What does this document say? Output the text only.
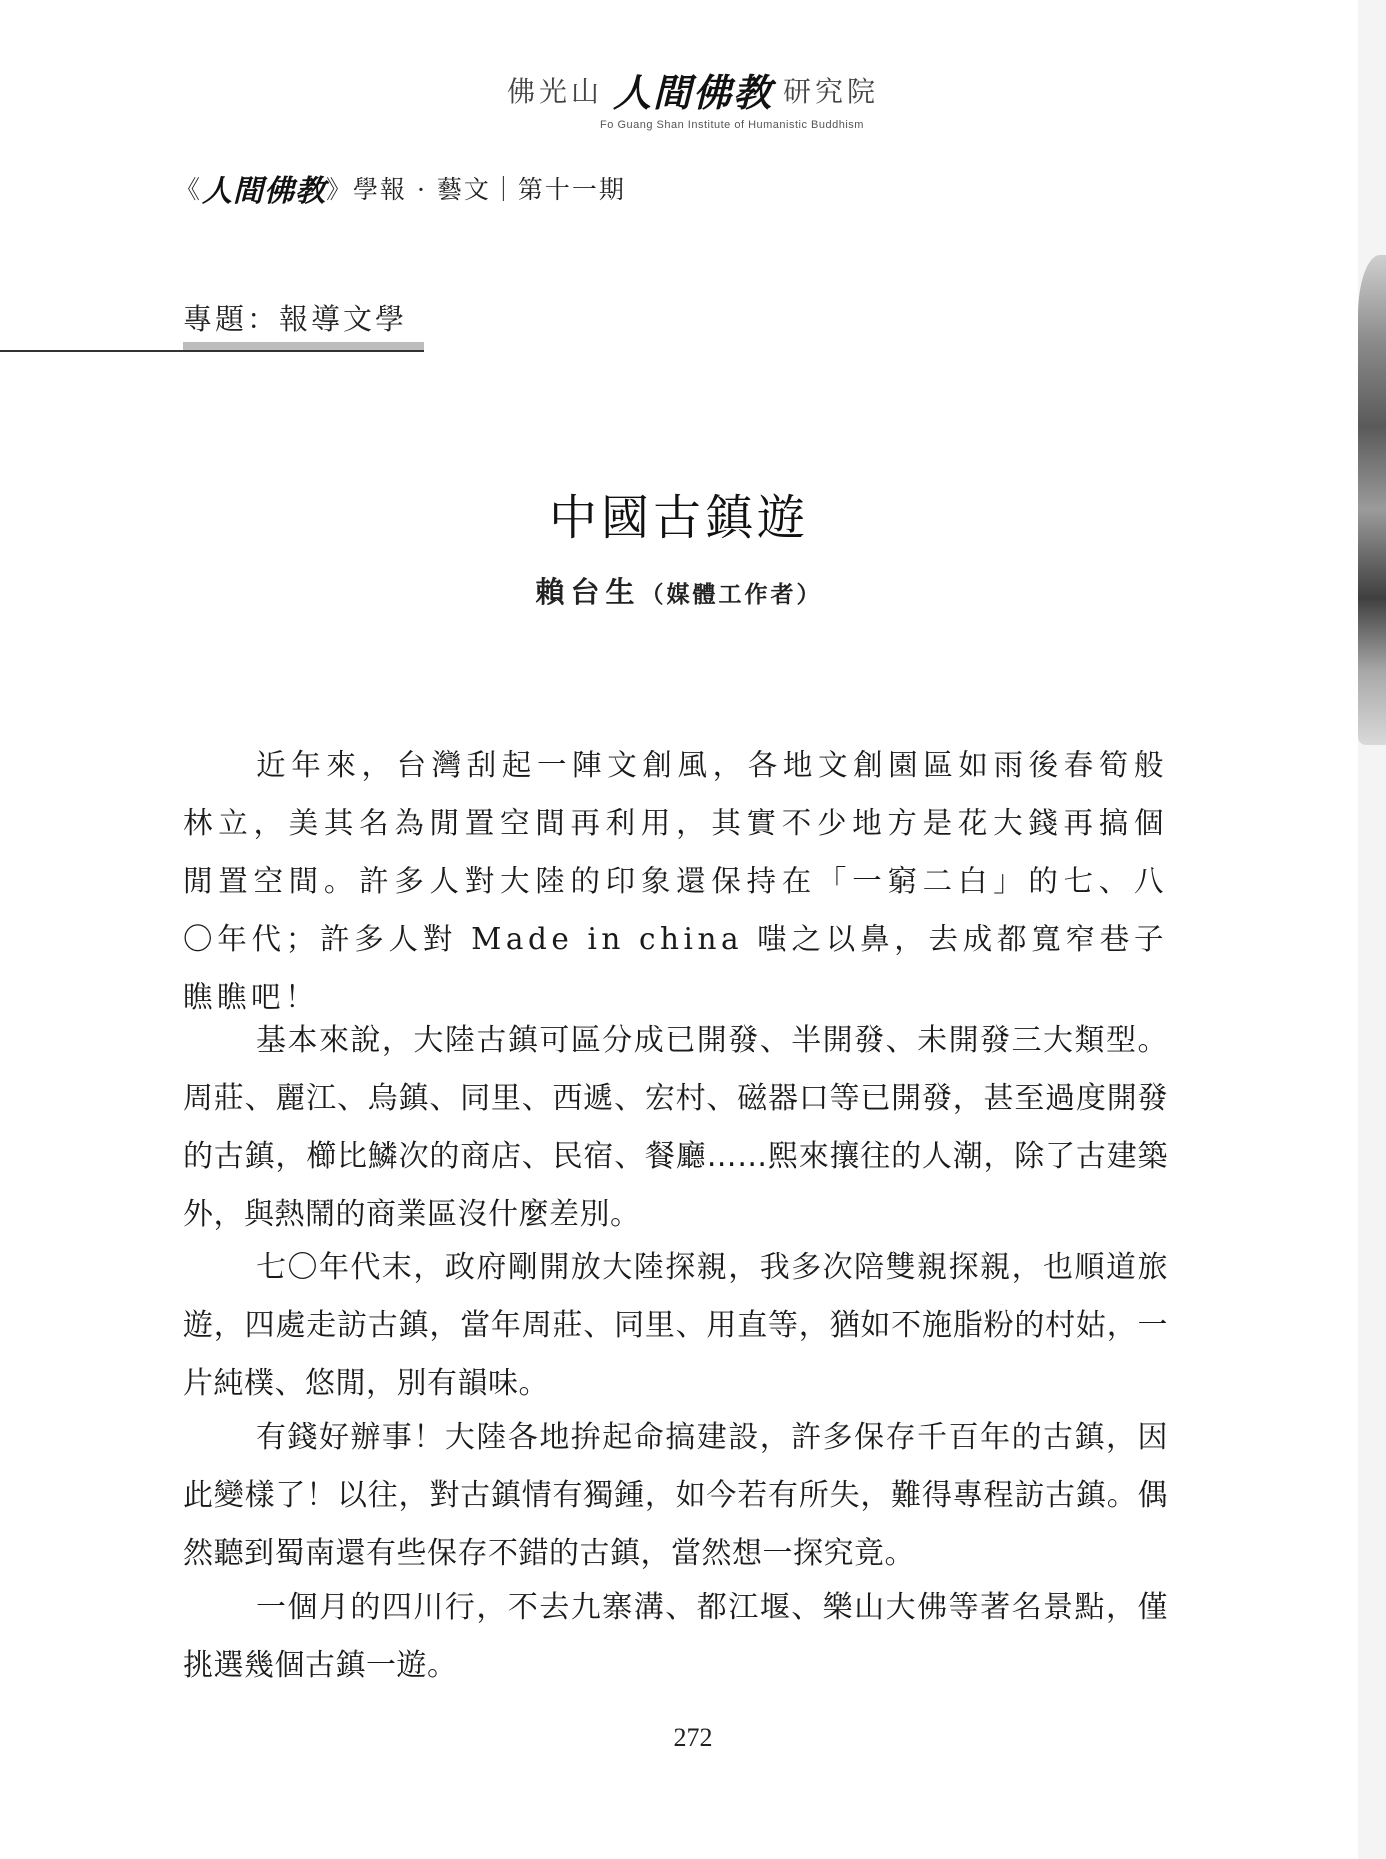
佛光山 人間佛教 研究院
Fo Guang Shan Institute of Humanistic Buddhism
《 人間佛教 》學報 · 藝文｜第十一期
專題：報導文學
中國古鎮遊
賴台生（媒體工作者）
近年來，台灣刮起一陣文創風，各地文創園區如雨後春筍般林立，美其名為閒置空間再利用，其實不少地方是花大錢再搞個閒置空間。許多人對大陸的印象還保持在「一窮二白」的七、八〇年代；許多人對 Made in china 嗤之以鼻，去成都寬窄巷子瞧瞧吧！
基本來說，大陸古鎮可區分成已開發、半開發、未開發三大類型。周莊、麗江、烏鎮、同里、西遞、宏村、磁器口等已開發，甚至過度開發的古鎮，櫛比鱗次的商店、民宿、餐廳……熙來攘往的人潮，除了古建築外，與熱鬧的商業區沒什麼差別。
七〇年代末，政府剛開放大陸探親，我多次陪雙親探親，也順道旅遊，四處走訪古鎮，當年周莊、同里、用直等，猶如不施脂粉的村姑，一片純樸、悠閒，別有韻味。
有錢好辦事！大陸各地拚起命搞建設，許多保存千百年的古鎮，因此變樣了！以往，對古鎮情有獨鍾，如今若有所失，難得專程訪古鎮。偶然聽到蜀南還有些保存不錯的古鎮，當然想一探究竟。
一個月的四川行，不去九寨溝、都江堰、樂山大佛等著名景點，僅挑選幾個古鎮一遊。
272
